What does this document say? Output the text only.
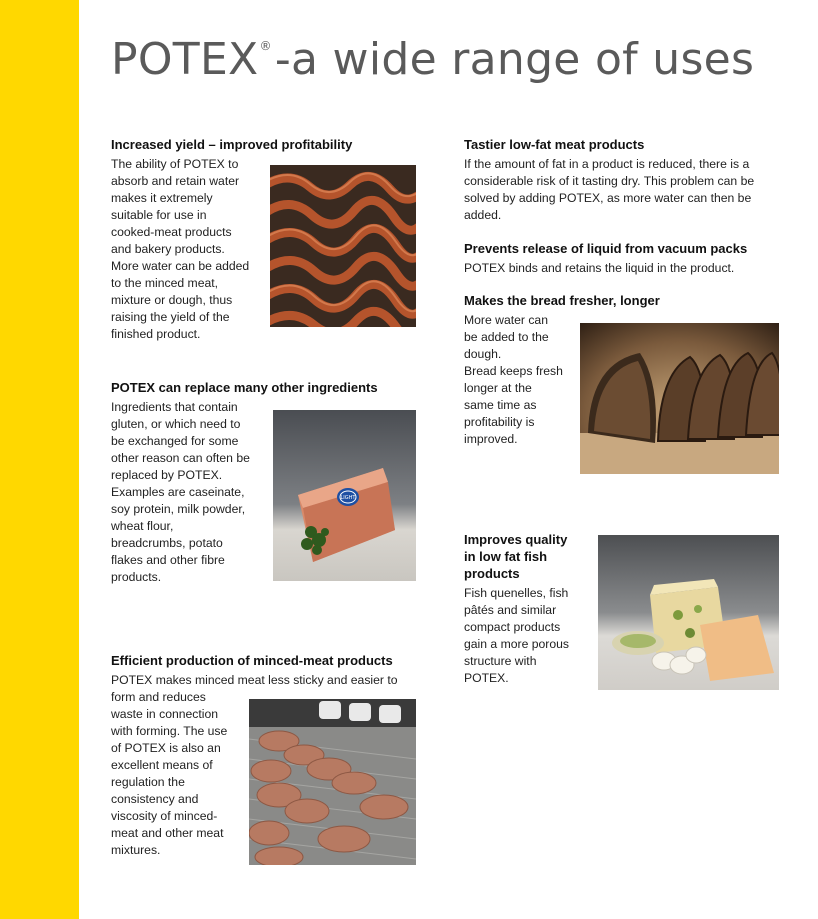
POTEX®-a wide range of uses
Increased yield – improved profitability

The ability of POTEX to
absorb and retain water
makes it extremely
suitable for use in
cooked-meat products
and bakery products.
More water can be added
to the minced meat,
mixture or dough, thus
raising the yield of the
finished product.

POTEX can replace many other ingredients

Ingredients that contain
gluten, or which need to
be exchanged for some
other reason can often be
replaced by POTEX.
Examples are caseinate,
soy protein, milk powder,
wheat flour,
breadcrumbs, potato
flakes and other fibre
products.

LIGHT
Efficient production of minced-meat products

POTEX makes minced meat less sticky and easier to
form and reduces
waste in connection
with forming. The use
of POTEX is also an
excellent means of
regulation the
consistency and
viscosity of minced-
meat and other meat
mixtures.

Tastier low-fat meat products

If the amount of fat in a product is reduced, there is a
considerable risk of it tasting dry. This problem can be
solved by adding POTEX, as more water can then be
added.

Prevents release of liquid from vacuum packs

POTEX binds and retains the liquid in the product.

Makes the bread fresher, longer

More water can
be added to the
dough.
Bread keeps fresh
longer at the
same time as
profitability is
improved.

Improves quality
in low fat fish
products

Fish quenelles, fish
pâtés and similar
compact products
gain a more porous
structure with
POTEX.
